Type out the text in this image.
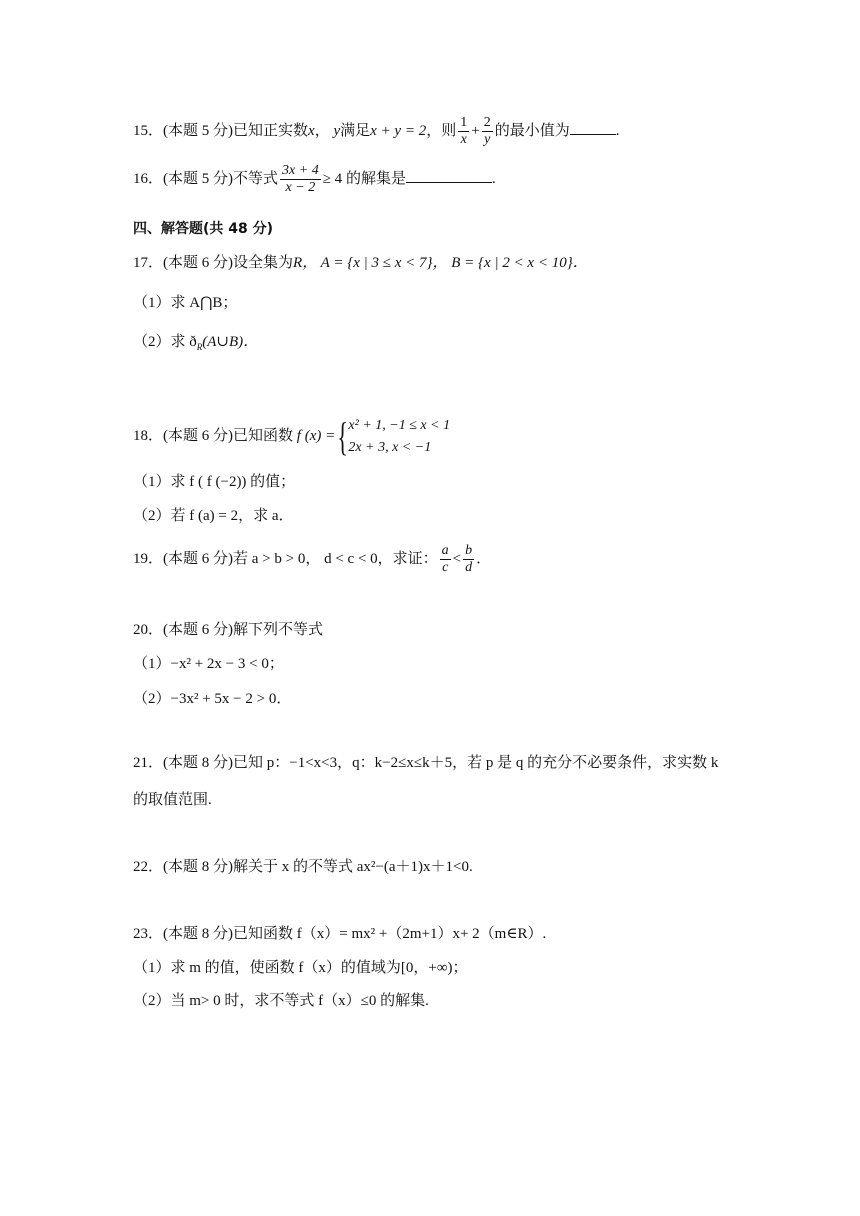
15．(本题 5 分)已知正实数x， y满足x + y = 2，则 $\frac{1}{x} + \frac{2}{y}$ 的最小值为	.
16．(本题 5 分)不等式 $\frac{3x + 4}{x - 2} \ge 4$ 的解集是	.
四、解答题(共 48 分)
17．(本题 6 分)设全集为R， A = {x | 3 ≤ x < 7}， B = {x | 2 < x < 10}．
（1）求 A⋂B；
（2）求 $ð_R(A\cup B)$．
18．(本题 6 分)已知函数 f (x) ={ x² + 1, −1 ≤ x < 1
2x + 3, x < −1
（1）求 f ( f (−2)) 的值；
（2）若 f (a) = 2，求 a．
19．(本题 6 分)若 a > b > 0， d < c < 0，求证： $\frac{a}{c} < \frac{b}{d}$ ．
20．(本题 6 分)解下列不等式
（1）−x² + 2x − 3 < 0；
（2）−3x² + 5x − 2 > 0．
21．(本题 8 分)已知 p：−1<x<3，q：k−2≤x≤k＋5，若 p 是 q 的充分不必要条件，求实数 k
的取值范围.
22．(本题 8 分)解关于 x 的不等式 ax²−(a＋1)x＋1<0.
23．(本题 8 分)已知函数 f（x）= mx² +（2m+1）x+ 2（m∈R）.
（1）求 m 的值，使函数 f（x）的值域为[0，+∞)；
（2）当 m> 0 时，求不等式 f（x）≤0 的解集.
